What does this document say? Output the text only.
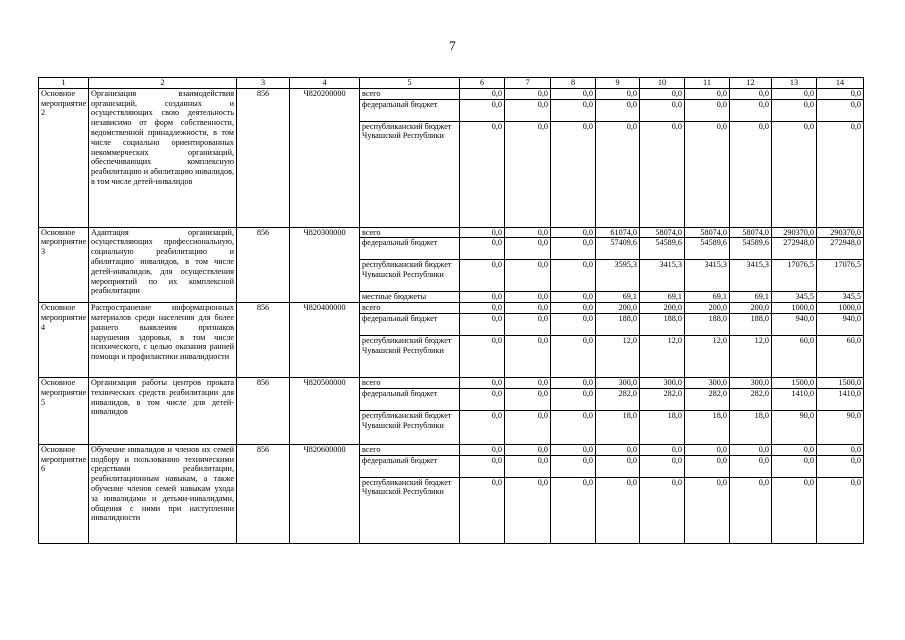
7
1	2	3	4	5	6	7	8	9	10	11	12	13	14
Основное мероприятие 2	Организация взаимодействия организаций, созданных и осуществляющих свою деятельность независимо от форм собственности, ведомственной принадлежности, в том числе социально ориентированных некоммерческих организаций, обеспечивающих комплексную реабилитацию и абилитацию инвалидов, в том числе детей-инвалидов	856	Ч820200000	всего	0,0	0,0	0,0	0,0	0,0	0,0	0,0	0,0	0,0
				федеральный бюджет	0,0	0,0	0,0	0,0	0,0	0,0	0,0	0,0	0,0
				республиканский бюджет Чувашской Республики	0,0	0,0	0,0	0,0	0,0	0,0	0,0	0,0	0,0
Основное мероприятие 3	Адаптация организаций, осуществляющих профессиональную, социальную реабилитацию и абилитацию инвалидов, в том числе детей-инвалидов, для осуществления мероприятий по их комплексной реабилитации	856	Ч820300000	всего	0,0	0,0	0,0	61074,0	58074,0	58074,0	58074,0	290370,0	290370,0
				федеральный бюджет	0,0	0,0	0,0	57409,6	54589,6	54589,6	54589,6	272948,0	272948,0
				республиканский бюджет Чувашской Республики	0,0	0,0	0,0	3595,3	3415,3	3415,3	3415,3	17076,5	17076,5
				местные бюджеты	0,0	0,0	0,0	69,1	69,1	69,1	69,1	345,5	345,5
Основное мероприятие 4	Распространение информационных материалов среди населения для более раннего выявления признаков нарушения здоровья, в том числе психического, с целью оказания ранней помощи и профилактики инвалидности	856	Ч820400000	всего	0,0	0,0	0,0	200,0	200,0	200,0	200,0	1000,0	1000,0
				федеральный бюджет	0,0	0,0	0,0	188,0	188,0	188,0	188,0	940,0	940,0
				республиканский бюджет Чувашской Республики	0,0	0,0	0,0	12,0	12,0	12,0	12,0	60,0	60,0
Основное мероприятие 5	Организация работы центров проката технических средств реабилитации для инвалидов, в том числе для детей-инвалидов	856	Ч820500000	всего	0,0	0,0	0,0	300,0	300,0	300,0	300,0	1500,0	1500,0
				федеральный бюджет	0,0	0,0	0,0	282,0	282,0	282,0	282,0	1410,0	1410,0
				республиканский бюджет Чувашской Республики	0,0	0,0	0,0	18,0	18,0	18,0	18,0	90,0	90,0
Основное мероприятие 6	Обучение инвалидов и членов их семей подбору и пользованию техническими средствами реабилитации, реабилитационным навыкам, а также обучение членов семей навыкам ухода за инвалидами и детьми-инвалидами, общения с ними при наступлении инвалидности	856	Ч820600000	всего	0,0	0,0	0,0	0,0	0,0	0,0	0,0	0,0	0,0
				федеральный бюджет	0,0	0,0	0,0	0,0	0,0	0,0	0,0	0,0	0,0
				республиканский бюджет Чувашской Республики	0,0	0,0	0,0	0,0	0,0	0,0	0,0	0,0	0,0
